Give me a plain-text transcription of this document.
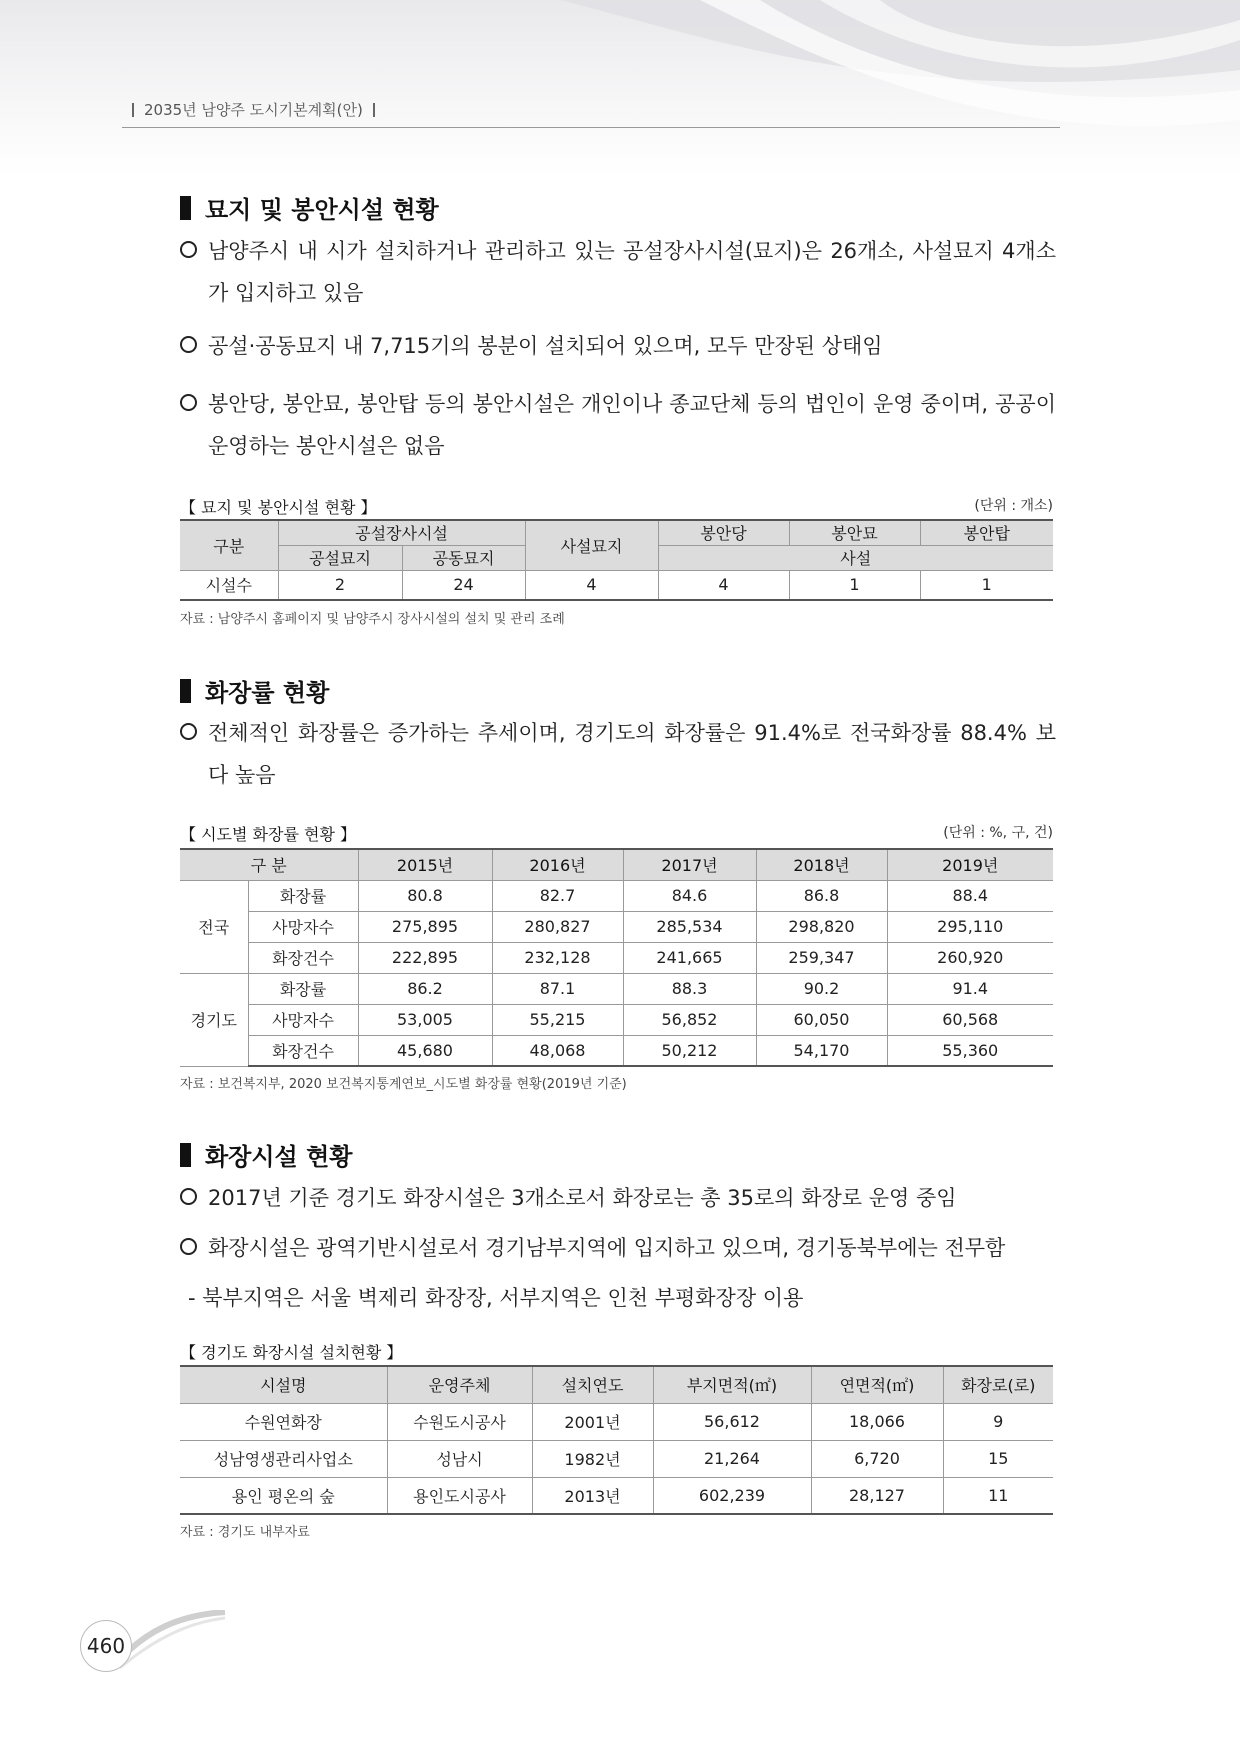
2035년 남양주 도시기본계획(안)
묘지 및 봉안시설 현황
남양주시 내 시가 설치하거나 관리하고 있는 공설장사시설(묘지)은 26개소, 사설묘지 4개소가 입지하고 있음
공설·공동묘지 내 7,715기의 봉분이 설치되어 있으며, 모두 만장된 상태임
봉안당, 봉안묘, 봉안탑 등의 봉안시설은 개인이나 종교단체 등의 법인이 운영 중이며, 공공이 운영하는 봉안시설은 없음
【 묘지 및 봉안시설 현황 】	(단위 : 개소)
구분	공설장사시설		사설묘지	봉안당	봉안묘	봉안탑
	공설묘지	공동묘지		사설		
시설수	2	24	4	4	1	1
자료 : 남양주시 홈페이지 및 남양주시 장사시설의 설치 및 관리 조례
화장률 현황
전체적인 화장률은 증가하는 추세이며, 경기도의 화장률은 91.4%로 전국화장률 88.4% 보다 높음
【 시도별 화장률 현황 】	(단위 : %, 구, 건)
구 분		2015년	2016년	2017년	2018년	2019년
전국	화장률	80.8	82.7	84.6	86.8	88.4
	사망자수	275,895	280,827	285,534	298,820	295,110
	화장건수	222,895	232,128	241,665	259,347	260,920
경기도	화장률	86.2	87.1	88.3	90.2	91.4
	사망자수	53,005	55,215	56,852	60,050	60,568
	화장건수	45,680	48,068	50,212	54,170	55,360
자료 : 보건복지부, 2020 보건복지통계연보_시도별 화장률 현황(2019년 기준)
화장시설 현황
2017년 기준 경기도 화장시설은 3개소로서 화장로는 총 35로의 화장로 운영 중임
화장시설은 광역기반시설로서 경기남부지역에 입지하고 있으며, 경기동북부에는 전무함
- 북부지역은 서울 벽제리 화장장, 서부지역은 인천 부평화장장 이용
【 경기도 화장시설 설치현황 】
시설명	운영주체	설치연도	부지면적(㎡)	연면적(㎡)	화장로(로)
수원연화장	수원도시공사	2001년	56,612	18,066	9
성남영생관리사업소	성남시	1982년	21,264	6,720	15
용인 평온의 숲	용인도시공사	2013년	602,239	28,127	11
자료 : 경기도 내부자료
460
